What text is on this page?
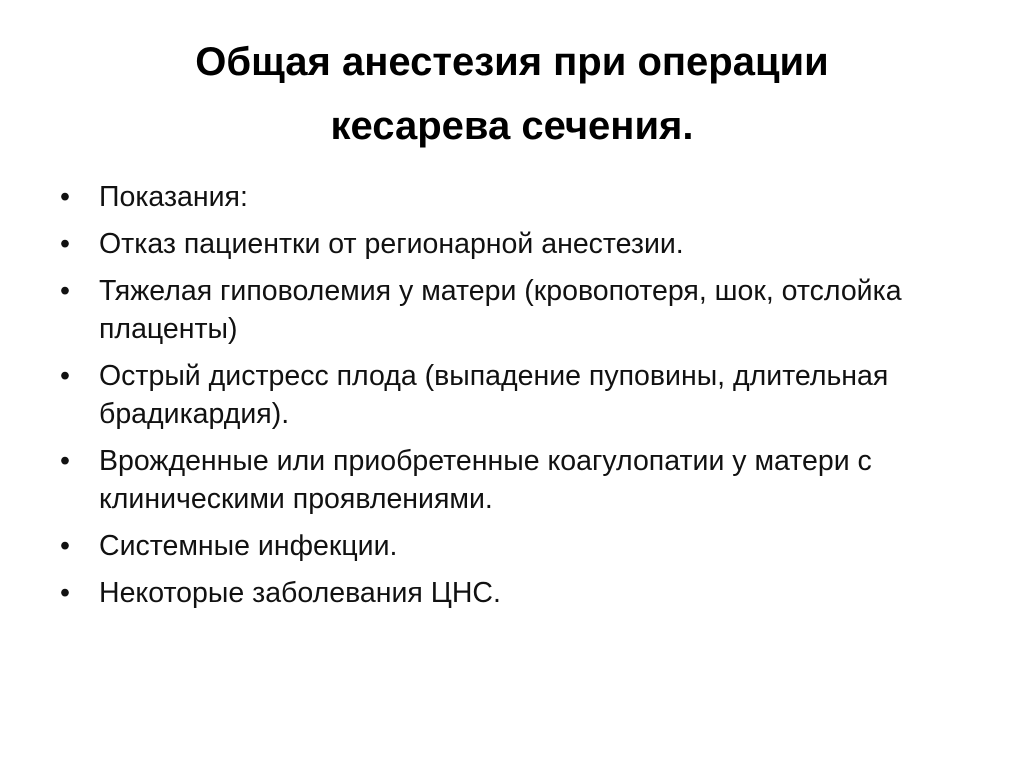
Общая анестезия при операции
кесарева сечения.
•	Показания:
•	Отказ пациентки от регионарной анестезии.
•	Тяжелая гиповолемия у матери (кровопотеря, шок, отслойка плаценты)
•	Острый дистресс плода (выпадение пуповины, длительная брадикардия).
•	Врожденные или приобретенные коагулопатии у матери с клиническими проявлениями.
•	Системные инфекции.
•	Некоторые заболевания ЦНС.
